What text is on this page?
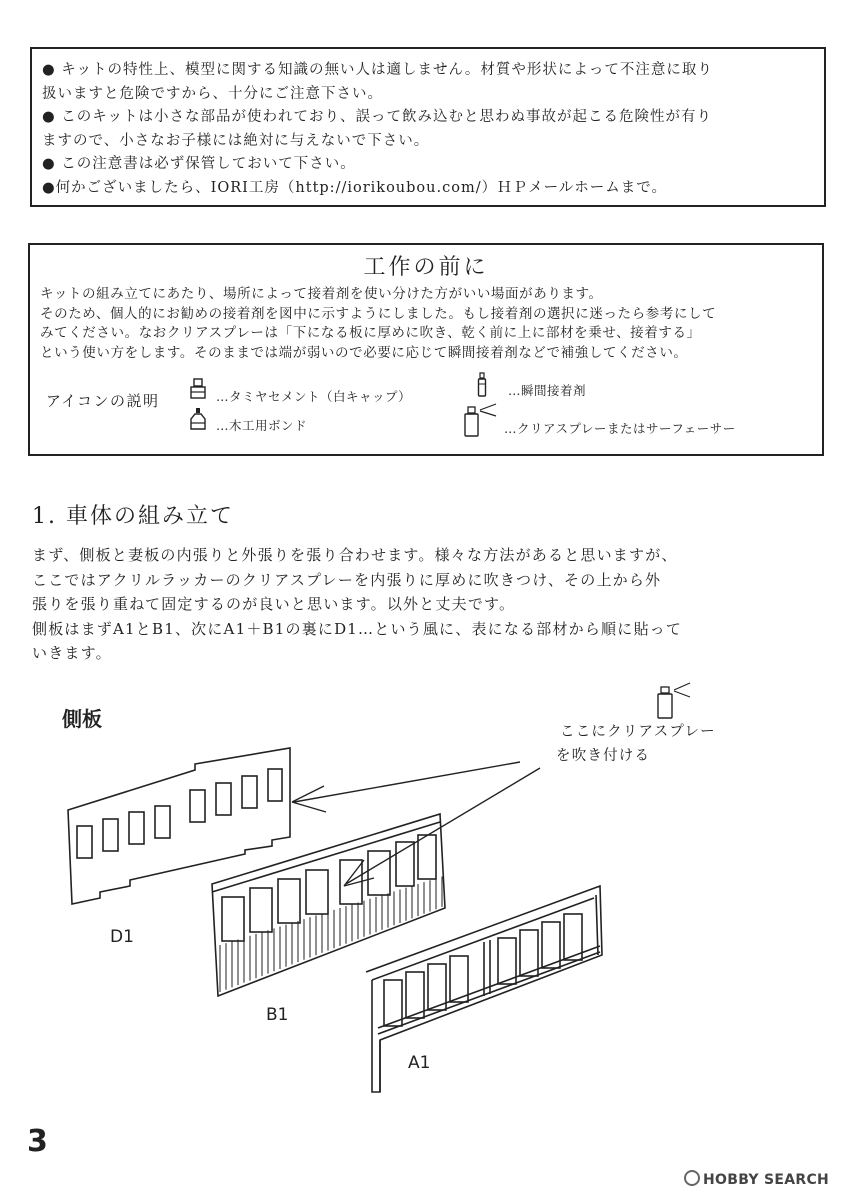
● キットの特性上、模型に関する知識の無い人は適しません。材質や形状によって不注意に取り
扱いますと危険ですから、十分にご注意下さい。
● このキットは小さな部品が使われており、誤って飲み込むと思わぬ事故が起こる危険性が有り
ますので、小さなお子様には絶対に与えないで下さい。
● この注意書は必ず保管しておいて下さい。
●何かございましたら、IORI工房（http://iorikoubou.com/）ＨＰメールホームまで。
工作の前に
キットの組み立てにあたり、場所によって接着剤を使い分けた方がいい場面があります。
そのため、個人的にお勧めの接着剤を図中に示すようにしました。もし接着剤の選択に迷ったら参考にして
みてください。なおクリアスプレーは「下になる板に厚めに吹き、乾く前に上に部材を乗せ、接着する」
という使い方をします。そのままでは端が弱いので必要に応じて瞬間接着剤などで補強してください。
アイコンの説明	…タミヤセメント（白キャップ）
…木工用ボンド
…瞬間接着剤
…クリアスプレーまたはサーフェーサー
1. 車体の組み立て
まず、側板と妻板の内張りと外張りを張り合わせます。様々な方法があると思いますが、
ここではアクリルラッカーのクリアスプレーを内張りに厚めに吹きつけ、その上から外
張りを張り重ねて固定するのが良いと思います。以外と丈夫です。
側板はまずA1とB1、次にA1＋B1の裏にD1…という風に、表になる部材から順に貼って
いきます。
側板
ここにクリアスプレー
を吹き付ける
D1
B1
A1
3
HOBBY SEARCH
